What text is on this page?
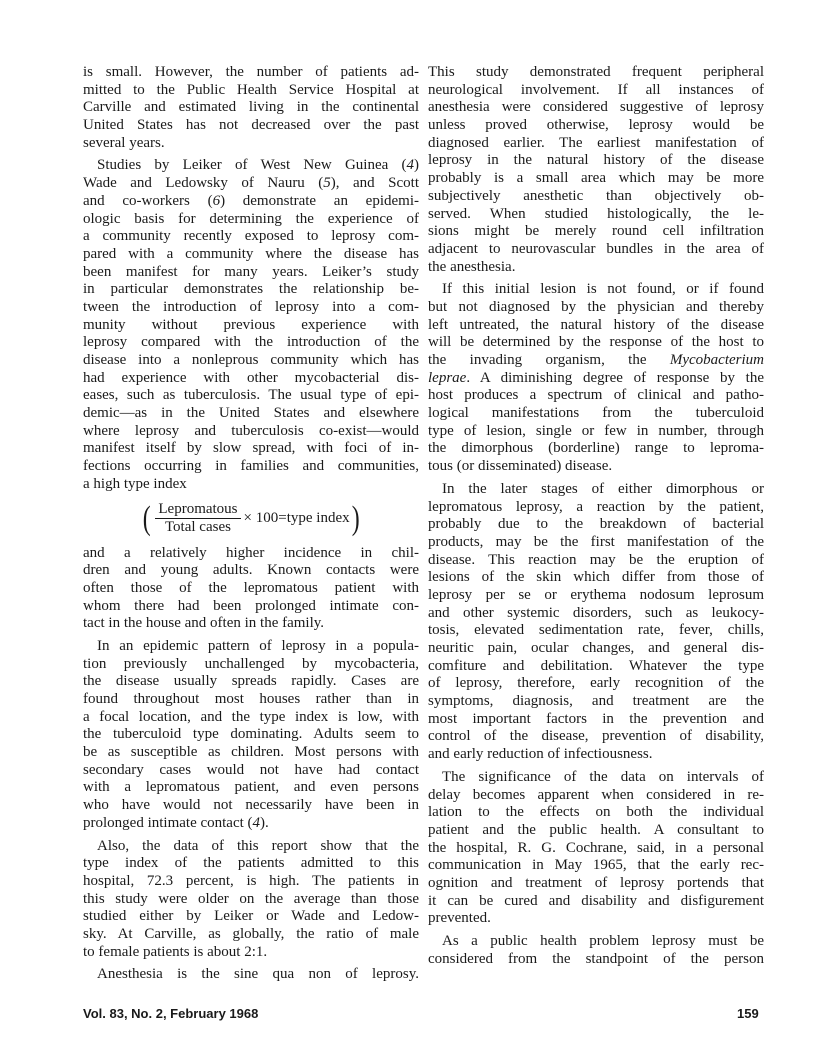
is small. However, the number of patients ad-
mitted to the Public Health Service Hospital at
Carville and estimated living in the continental
United States has not decreased over the past
several years.
Studies by Leiker of West New Guinea (4)
Wade and Ledowsky of Nauru (5), and Scott
and co-workers (6) demonstrate an epidemi-
ologic basis for determining the experience of
a community recently exposed to leprosy com-
pared with a community where the disease has
been manifest for many years. Leiker’s study
in particular demonstrates the relationship be-
tween the introduction of leprosy into a com-
munity without previous experience with
leprosy compared with the introduction of the
disease into a nonleprous community which has
had experience with other mycobacterial dis-
eases, such as tuberculosis. The usual type of epi-
demic—as in the United States and elsewhere
where leprosy and tuberculosis co-exist—would
manifest itself by slow spread, with foci of in-
fections occurring in families and communities,
a high type index
( $\frac{\text{Lepromatous}}{\text{Total cases}}$ × 100=type index )
and a relatively higher incidence in chil-
dren and young adults. Known contacts were
often those of the lepromatous patient with
whom there had been prolonged intimate con-
tact in the house and often in the family.
In an epidemic pattern of leprosy in a popula-
tion previously unchallenged by mycobacteria,
the disease usually spreads rapidly. Cases are
found throughout most houses rather than in
a focal location, and the type index is low, with
the tuberculoid type dominating. Adults seem to
be as susceptible as children. Most persons with
secondary cases would not have had contact
with a lepromatous patient, and even persons
who have would not necessarily have been in
prolonged intimate contact (4).
Also, the data of this report show that the
type index of the patients admitted to this
hospital, 72.3 percent, is high. The patients in
this study were older on the average than those
studied either by Leiker or Wade and Ledow-
sky. At Carville, as globally, the ratio of male
to female patients is about 2:1.
Anesthesia is the sine qua non of leprosy.
This study demonstrated frequent peripheral
neurological involvement. If all instances of
anesthesia were considered suggestive of leprosy
unless proved otherwise, leprosy would be
diagnosed earlier. The earliest manifestation of
leprosy in the natural history of the disease
probably is a small area which may be more
subjectively anesthetic than objectively ob-
served. When studied histologically, the le-
sions might be merely round cell infiltration
adjacent to neurovascular bundles in the area of
the anesthesia.
If this initial lesion is not found, or if found
but not diagnosed by the physician and thereby
left untreated, the natural history of the disease
will be determined by the response of the host to
the invading organism, the Mycobacterium
leprae. A diminishing degree of response by the
host produces a spectrum of clinical and patho-
logical manifestations from the tuberculoid
type of lesion, single or few in number, through
the dimorphous (borderline) range to leproma-
tous (or disseminated) disease.
In the later stages of either dimorphous or
lepromatous leprosy, a reaction by the patient,
probably due to the breakdown of bacterial
products, may be the first manifestation of the
disease. This reaction may be the eruption of
lesions of the skin which differ from those of
leprosy per se or erythema nodosum leprosum
and other systemic disorders, such as leukocy-
tosis, elevated sedimentation rate, fever, chills,
neuritic pain, ocular changes, and general dis-
comfiture and debilitation. Whatever the type
of leprosy, therefore, early recognition of the
symptoms, diagnosis, and treatment are the
most important factors in the prevention and
control of the disease, prevention of disability,
and early reduction of infectiousness.
The significance of the data on intervals of
delay becomes apparent when considered in re-
lation to the effects on both the individual
patient and the public health. A consultant to
the hospital, R. G. Cochrane, said, in a personal
communication in May 1965, that the early rec-
ognition and treatment of leprosy portends that
it can be cured and disability and disfigurement
prevented.
As a public health problem leprosy must be
considered from the standpoint of the person
Vol. 83, No. 2, February 1968	159
